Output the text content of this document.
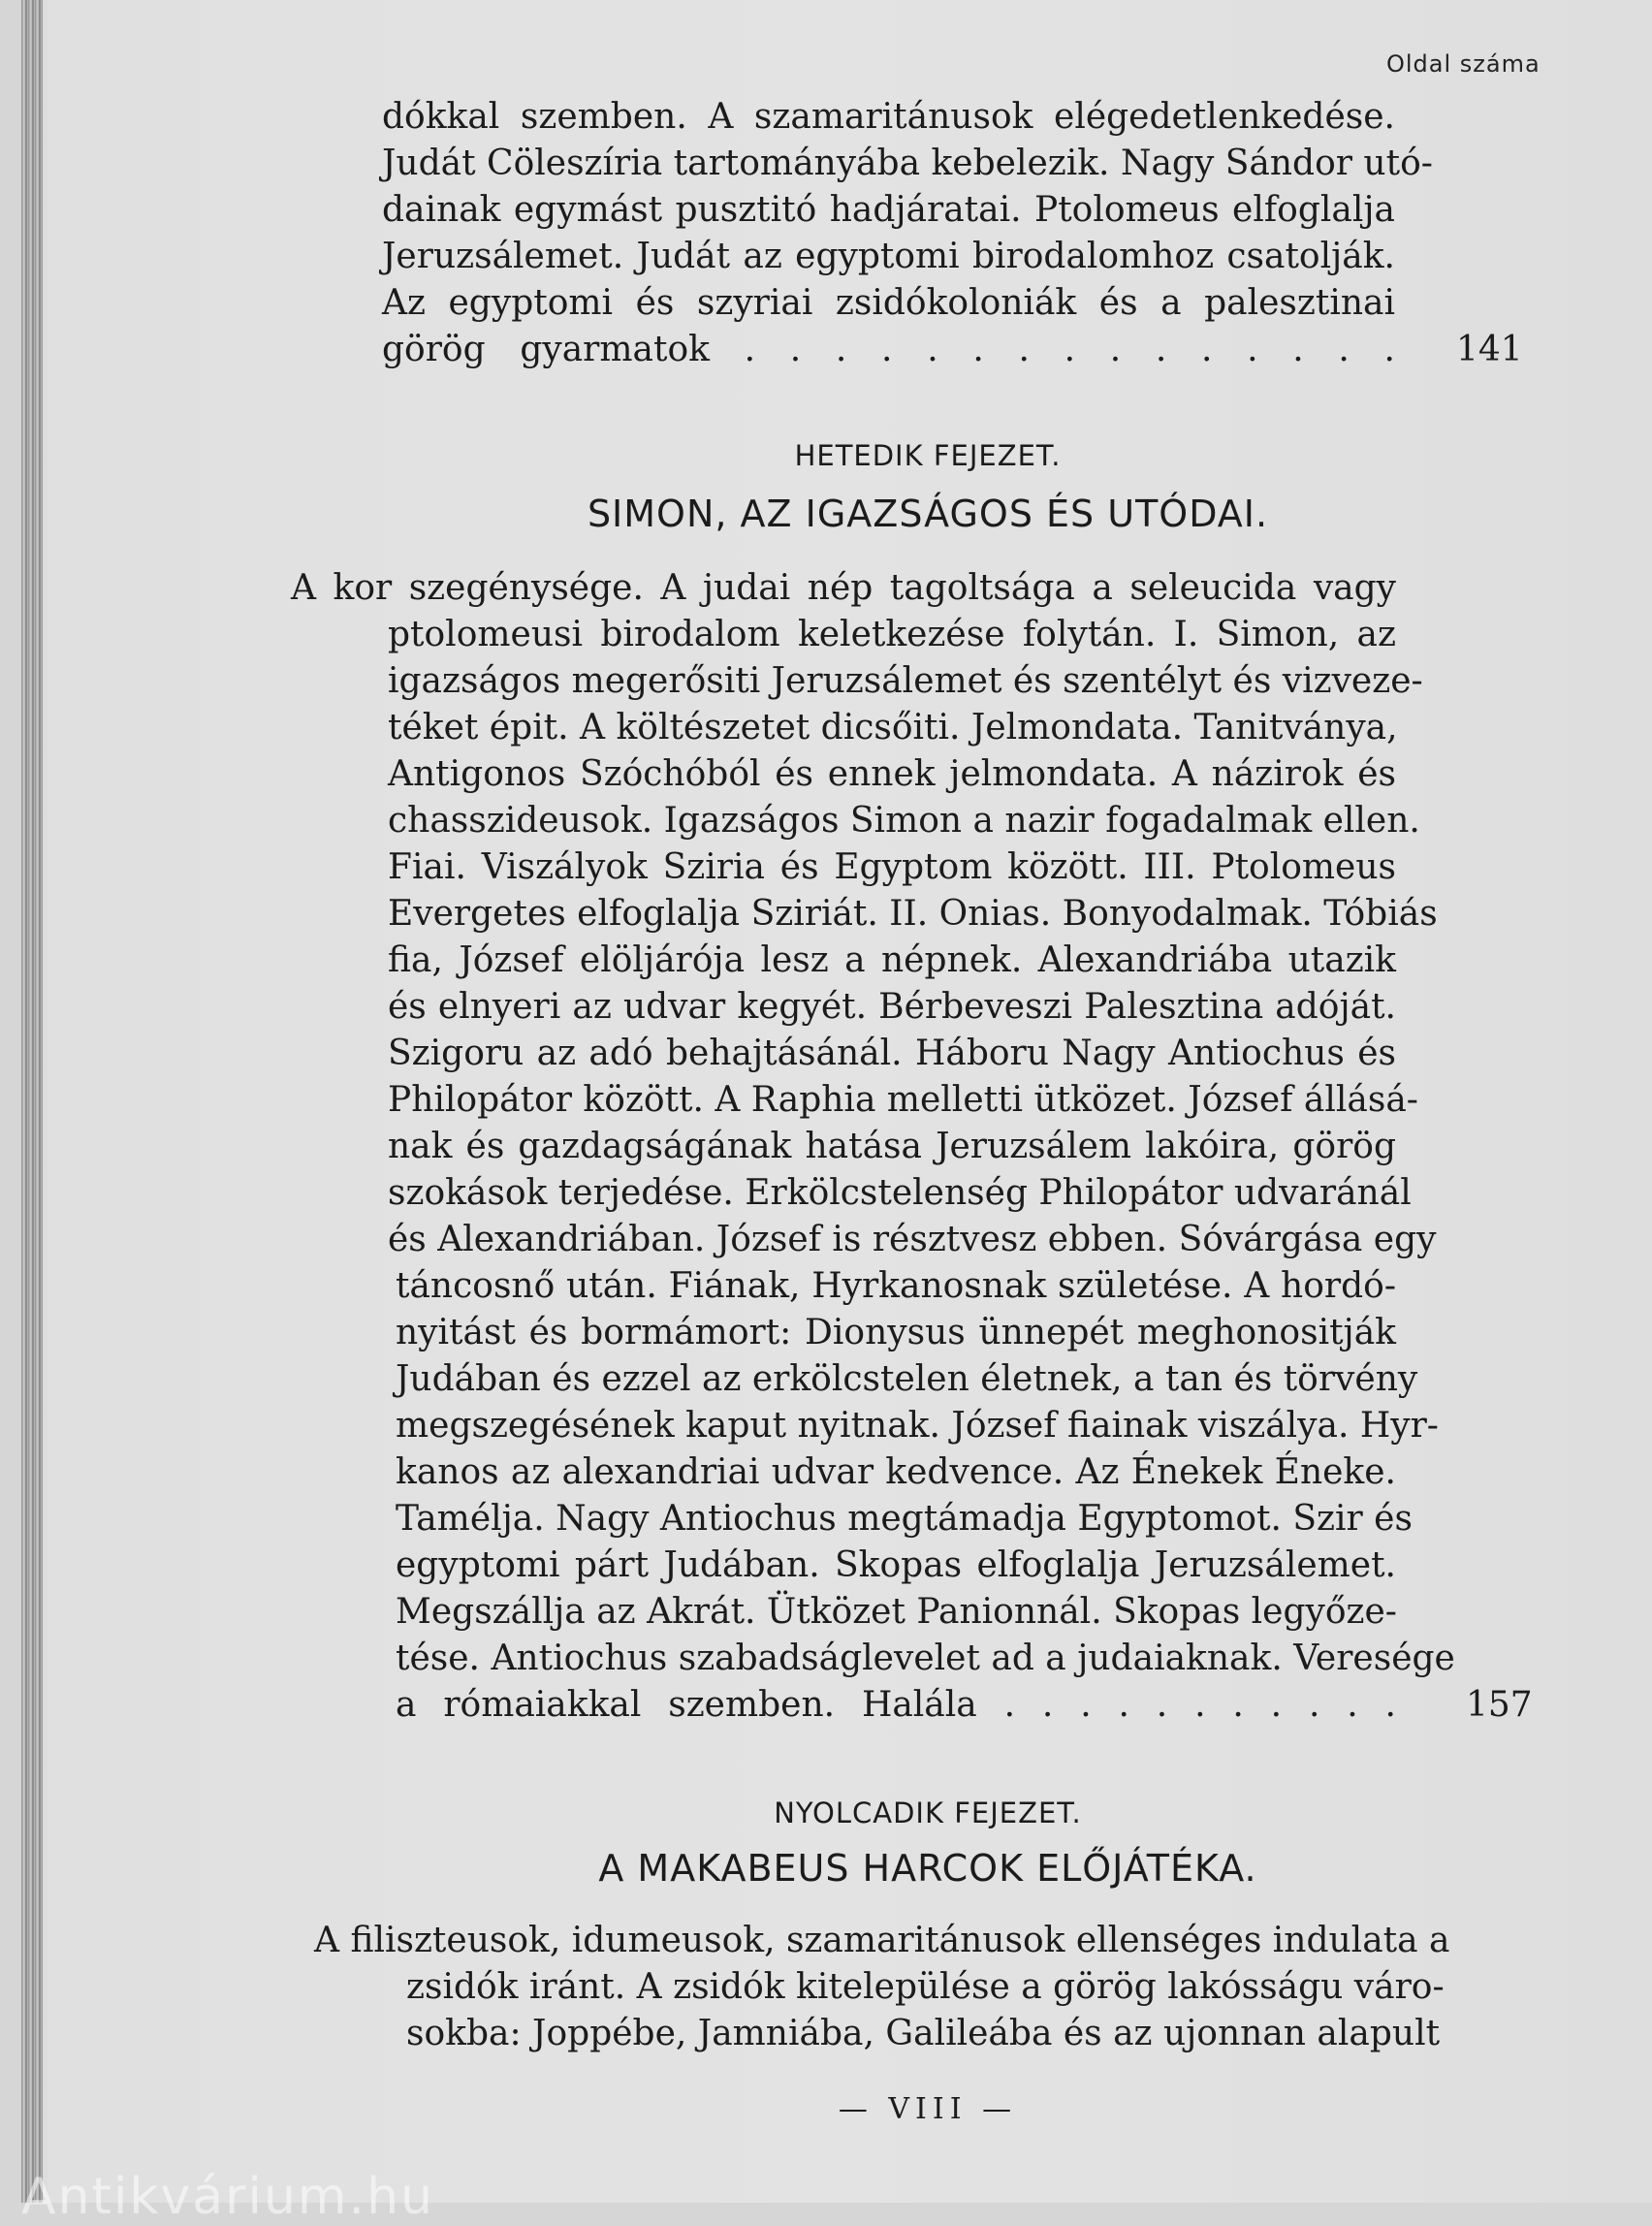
Oldal száma
dókkal szemben. A szamaritánusok elégedetlenkedése.
Judát Cöleszíria tartományába kebelezik. Nagy Sándor utó-
dainak egymást pusztitó hadjáratai. Ptolomeus elfoglalja
Jeruzsálemet. Judát az egyptomi birodalomhoz csatolják.
Az egyptomi és szyriai zsidókoloniák és a palesztinai
görög gyarmatok . . . . . . . . . . . . . . . 141
HETEDIK FEJEZET.
SIMON, AZ IGAZSÁGOS ÉS UTÓDAI.
A kor szegénysége. A judai nép tagoltsága a seleucida vagy
ptolomeusi birodalom keletkezése folytán. I. Simon, az
igazságos megerősiti Jeruzsálemet és szentélyt és vizveze-
téket épit. A költészetet dicsőiti. Jelmondata. Tanitványa,
Antigonos Szóchóból és ennek jelmondata. A názirok és
chasszideusok. Igazságos Simon a nazir fogadalmak ellen.
Fiai. Viszályok Sziria és Egyptom között. III. Ptolomeus
Evergetes elfoglalja Sziriát. II. Onias. Bonyodalmak. Tóbiás
fia, József elöljárója lesz a népnek. Alexandriába utazik
és elnyeri az udvar kegyét. Bérbeveszi Palesztina adóját.
Szigoru az adó behajtásánál. Háboru Nagy Antiochus és
Philopátor között. A Raphia melletti ütközet. József állásá-
nak és gazdagságának hatása Jeruzsálem lakóira, görög
szokások terjedése. Erkölcstelenség Philopátor udvaránál
és Alexandriában. József is résztvesz ebben. Sóvárgása egy
táncosnő után. Fiának, Hyrkanosnak születése. A hordó-
nyitást és bormámort: Dionysus ünnepét meghonositják
Judában és ezzel az erkölcstelen életnek, a tan és törvény
megszegésének kaput nyitnak. József fiainak viszálya. Hyr-
kanos az alexandriai udvar kedvence. Az Énekek Éneke.
Tamélja. Nagy Antiochus megtámadja Egyptomot. Szir és
egyptomi párt Judában. Skopas elfoglalja Jeruzsálemet.
Megszállja az Akrát. Ütközet Panionnál. Skopas legyőze-
tése. Antiochus szabadságlevelet ad a judaiaknak. Veresége
a rómaiakkal szemben. Halála . . . . . . . . . . . 157
NYOLCADIK FEJEZET.
A MAKABEUS HARCOK ELŐJÁTÉKA.
A filiszteusok, idumeusok, szamaritánusok ellenséges indulata a
zsidók iránt. A zsidók kitelepülése a görög lakósságu váro-
sokba: Joppébe, Jamniába, Galileába és az ujonnan alapult
— VIII —
Antikvárium.hu
